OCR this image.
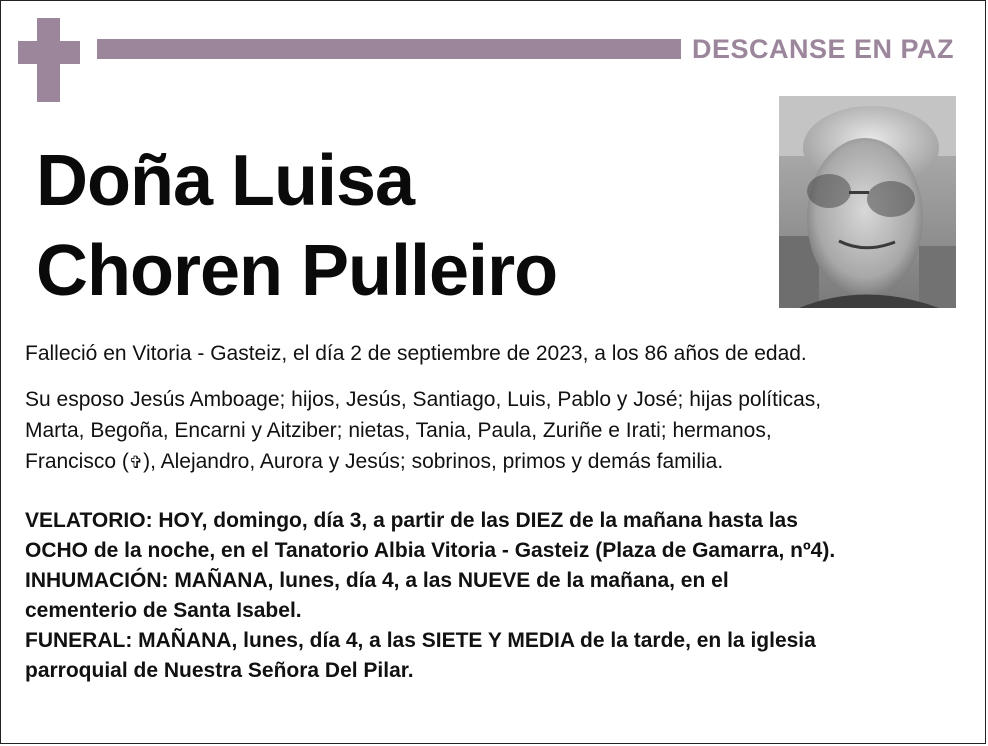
DESCANSE EN PAZ
Doña Luisa
Choren Pulleiro
Falleció en Vitoria - Gasteiz, el día 2 de septiembre de 2023, a los 86 años de edad.
Su esposo Jesús Amboage; hijos, Jesús, Santiago, Luis, Pablo y José; hijas políticas,
Marta, Begoña, Encarni y Aitziber; nietas, Tania, Paula, Zuriñe e Irati; hermanos,
Francisco (✞), Alejandro, Aurora y Jesús; sobrinos, primos y demás familia.
VELATORIO: HOY, domingo, día 3, a partir de las DIEZ de la mañana hasta las
OCHO de la noche, en el Tanatorio Albia Vitoria - Gasteiz (Plaza de Gamarra, nº4).
INHUMACIÓN: MAÑANA, lunes, día 4, a las NUEVE de la mañana, en el
cementerio de Santa Isabel.
FUNERAL: MAÑANA, lunes, día 4, a las SIETE Y MEDIA de la tarde, en la iglesia
parroquial de Nuestra Señora Del Pilar.
